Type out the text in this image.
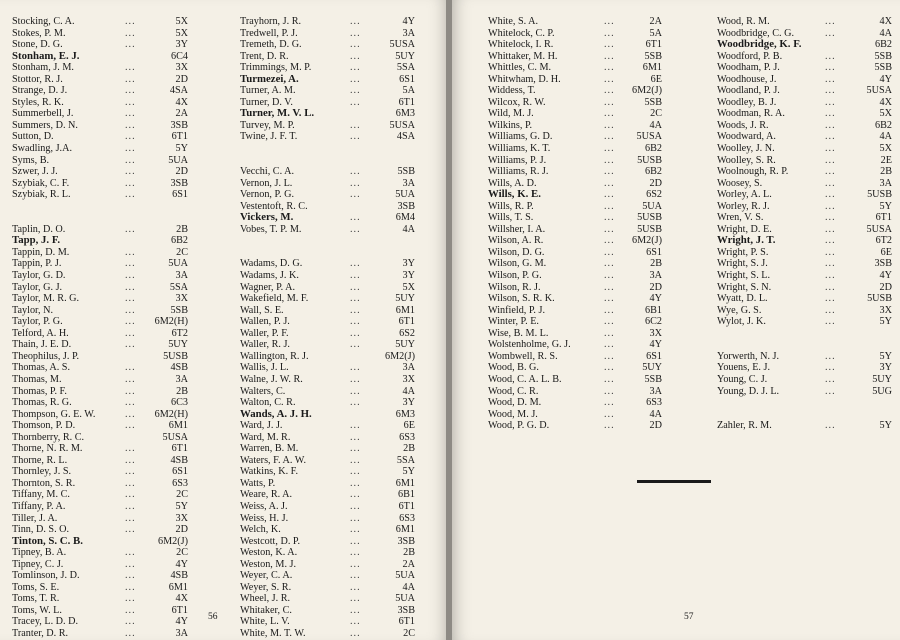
Stocking, C. A.	...	5X
Stokes, P. M.	...	5X
Stone, D. G.	...	3Y
Stonham, E. J.	6C4
Stonham, J. M.	...	3X
Stottor, R. J.	...	2D
Strange, D. J.	...	4SA
Styles, R. K.	...	4X
Summerbell, J.	...	2A
Summers, D. N.	...	3SB
Sutton, D.	...	6T1
Swadling, J.A.	...	5Y
Syms, B.	...	5UA
Szwer, J. J.	...	2D
Szybiak, C. F.	...	3SB
Szybiak, R. L.	...	6S1
Taplin, D. O.	...	2B
Tapp, J. F.	6B2
Tappin, D. M.	...	2C
Tappin, P. J.	...	5UA
Taylor, G. D.	...	3A
Taylor, G. J.	...	5SA
Taylor, M. R. G.	...	3X
Taylor, N.	...	5SB
Taylor, P. G.	... 6M2(H)
Telford, A. H.	...	6T2
Thain, J. E. D.	...	5UY
Theophilus, J. P.	5USB
Thomas, A. S.	...	4SB
Thomas, M.	...	3A
Thomas, P. F.	...	2B
Thomas, R. G.	...	6C3
Thompson, G. E. W.	... 6M2(H)
Thomson, P. D.	...	6M1
Thornberry, R. C.	5USA
Thorne, N. R. M.	...	6T1
Thorne, R. L.	...	4SB
Thornley, J. S.	...	6S1
Thornton, S. R.	...	6S3
Tiffany, M. C.	...	2C
Tiffany, P. A.	...	5Y
Tiller, J. A.	...	3X
Tinn, D. S. O.	...	2D
Tinton, S. C. B.	6M2(J)
Tipney, B. A.	...	2C
Tipney, C. J.	...	4Y
Tomlinson, J. D.	...	4SB
Toms, S. E.	...	6M1
Toms, T. R.	...	4X
Toms, W. L.	...	6T1
Tracey, L. D. D.	...	4Y
Tranter, D. R.	...	3A
Trayhorn, J. R.	...	4Y
Tredwell, P. J.	...	3A
Tremeth, D. G.	...	5USA
Trent, D. R.	...	5UY
Trimmings, M. P.	...	5SA
Turmezei, A.	...	6S1
Turner, A. M.	...	5A
Turner, D. V.	...	6T1
Turner, M. V. L.	6M3
Turvey, M. P.	...	5USA
Twine, J. F. T.	...	4SA
Vecchi, C. A.	...	5SB
Vernon, J. L.	...	3A
Vernon, P. G.	...	5UA
Vestentoft, R. C.	3SB
Vickers, M.	...	6M4
Vobes, T. P. M.	...	4A
Wadams, D. G.	...	3Y
Wadams, J. K.	...	3Y
Wagner, P. A.	...	5X
Wakefield, M. F.	...	5UY
Wall, S. E.	...	6M1
Wallen, P. J.	...	6T1
Waller, P. F.	...	6S2
Waller, R. J.	...	5UY
Wallington, R. J.	6M2(J)
Wallis, J. L.	...	3A
Walne, J. W. R.	...	3X
Walters, C.	...	4A
Walton, C. R.	...	3Y
Wands, A. J. H.	6M3
Ward, J. J.	...	6E
Ward, M. R.	...	6S3
Warren, B. M.	...	2B
Waters, F. A. W.	...	5SA
Watkins, K. F.	...	5Y
Watts, P.	...	6M1
Weare, R. A.	...	6B1
Weiss, A. J.	...	6T1
Weiss, H. J.	...	6S3
Welch, K.	...	6M1
Westcott, D. P.	...	3SB
Weston, K. A.	...	2B
Weston, M. J.	...	2A
Weyer, C. A.	...	5UA
Weyer, S. R.	...	4A
Wheel, J. R.	...	5UA
Whitaker, C.	...	3SB
White, L. V.	...	6T1
White, M. T. W.	...	2C
56
White, S. A.	...	2A
Whitelock, C. P.	...	5A
Whitelock, I. R.	...	6T1
Whittaker, M. H.	...	5SB
Whittles, C. M.	...	6M1
Whitwham, D. H.	...	6E
Widdess, T.	... 6M2(J)
Wilcox, R. W.	...	5SB
Wild, M. J.	...	2C
Wilkins, P.	...	4A
Williams, G. D.	... 5USA
Williams, K. T.	...	6B2
Williams, P. J.	... 5USB
Williams, R. J.	...	6B2
Wills, A. D.	...	2D
Wills, K. E.	...	6S2
Wills, R. P.	...	5UA
Wills, T. S.	... 5USB
Willsher, I. A.	... 5USB
Wilson, A. R.	... 6M2(J)
Wilson, D. G.	...	6S1
Wilson, G. M.	...	2B
Wilson, P. G.	...	3A
Wilson, R. J.	...	2D
Wilson, S. R. K.	...	4Y
Winfield, P. J.	...	6B1
Winter, P. E.	...	6C2
Wise, B. M. L.	...	3X
Wolstenholme, G. J.	...	4Y
Wombwell, R. S.	...	6S1
Wood, B. G.	...	5UY
Wood, C. A. L. B.	...	5SB
Wood, C. R.	...	3A
Wood, D. M.	...	6S3
Wood, M. J.	...	4A
Wood, P. G. D.	...	2D
Wood, R. M.	...	4X
Woodbridge, C. G.	...	4A
Woodbridge, K. F.	6B2
Woodford, P. B.	...	5SB
Woodham, P. J.	...	5SB
Woodhouse, J.	...	4Y
Woodland, P. J.	...	5USA
Woodley, B. J.	...	4X
Woodman, R. A.	...	5X
Woods, J. R.	...	6B2
Woodward, A.	...	4A
Woolley, J. N.	...	5X
Woolley, S. R.	...	2E
Woolnough, R. P.	...	2B
Woosey, S.	...	3A
Worley, A. L.	...	5USB
Worley, R. J.	...	5Y
Wren, V. S.	...	6T1
Wright, D. E.	...	5USA
Wright, J. T.	...	6T2
Wright, P. S.	...	6E
Wright, S. J.	...	3SB
Wright, S. L.	...	4Y
Wright, S. N.	...	2D
Wyatt, D. L.	...	5USB
Wye, G. S.	...	3X
Wylot, J. K.	...	5Y
Yorwerth, N. J.	...	5Y
Youens, E. J.	...	3Y
Young, C. J.	...	5UY
Young, D. J. L.	...	5UG
Zahler, R. M.	...	5Y
57
